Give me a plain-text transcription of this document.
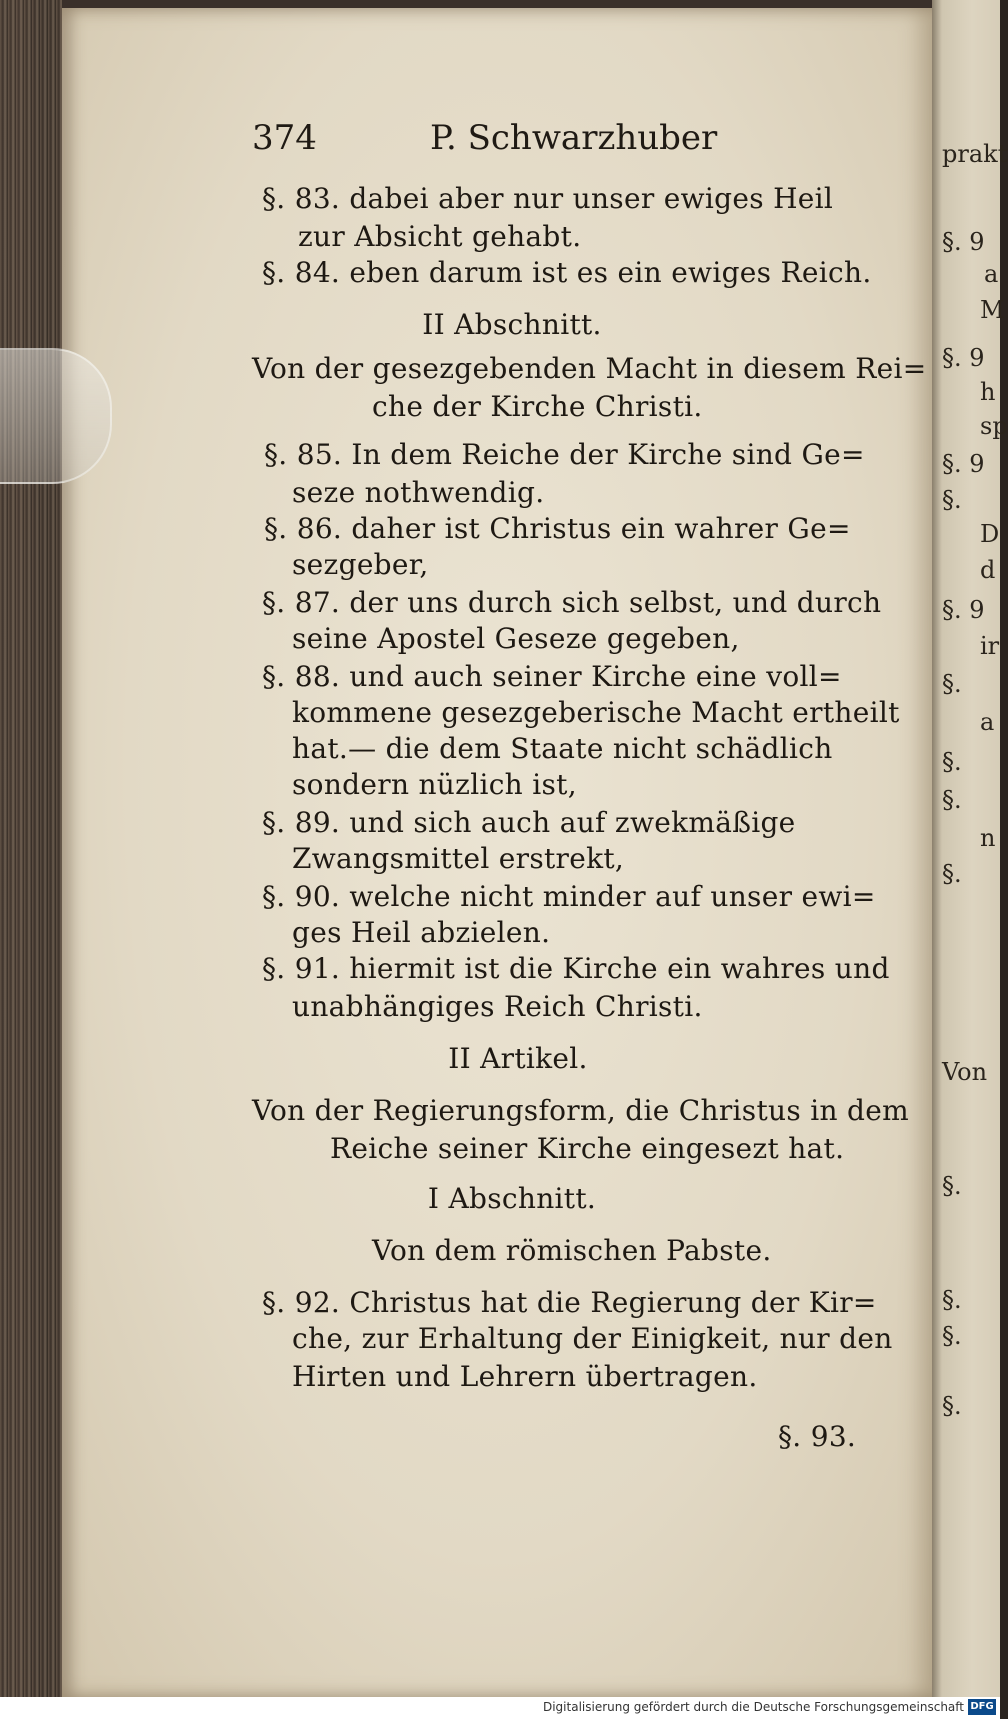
374	P. Schwarzhuber
§. 83. dabei aber nur unser ewiges Heil
zur Absicht gehabt.
§. 84. eben darum ist es ein ewiges Reich.
II Abschnitt.
Von der gesezgebenden Macht in diesem Rei=
che der Kirche Christi.
§. 85. In dem Reiche der Kirche sind Ge=
seze nothwendig.
§. 86. daher ist Christus ein wahrer Ge=
sezgeber,
§. 87. der uns durch sich selbst, und durch
seine Apostel Geseze gegeben,
§. 88. und auch seiner Kirche eine voll=
kommene gesezgeberische Macht ertheilt
hat.— die dem Staate nicht schädlich
sondern nüzlich ist,
§. 89. und sich auch auf zwekmäßige
Zwangsmittel erstrekt,
§. 90. welche nicht minder auf unser ewi=
ges Heil abzielen.
§. 91. hiermit ist die Kirche ein wahres und
unabhängiges Reich Christi.
II Artikel.
Von der Regierungsform, die Christus in dem
Reiche seiner Kirche eingesezt hat.
I Abschnitt.
Von dem römischen Pabste.
§. 92. Christus hat die Regierung der Kir=
che, zur Erhaltung der Einigkeit, nur den
Hirten und Lehrern übertragen.
§. 93.
prakt
§. 9
a
M
§. 9
h
sp
§. 9
§.
D
d
§. 9
ir
§.
a
§.
§.
n
§.
Von
§.
§.
§.
§.
Digitalisierung gefördert durch die Deutsche Forschungsgemeinschaft DFG
